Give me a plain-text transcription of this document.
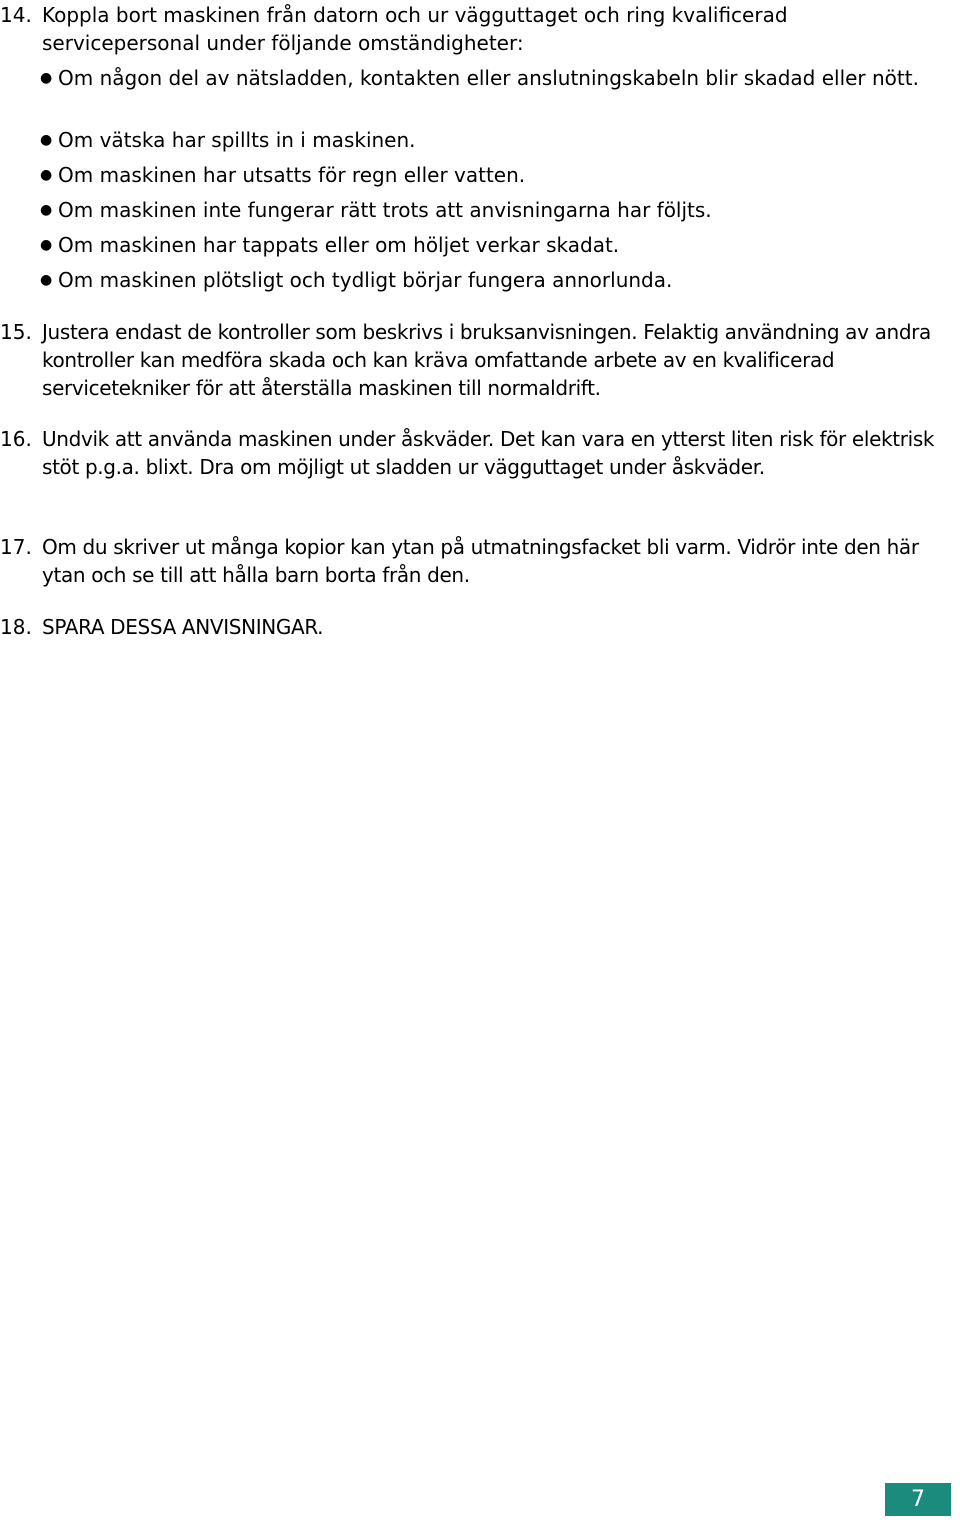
14. Koppla bort maskinen från datorn och ur vägguttaget och ring kvalificerad servicepersonal under följande omständigheter:
● Om någon del av nätsladden, kontakten eller anslutningskabeln blir skadad eller nött.
● Om vätska har spillts in i maskinen.
● Om maskinen har utsatts för regn eller vatten.
● Om maskinen inte fungerar rätt trots att anvisningarna har följts.
● Om maskinen har tappats eller om höljet verkar skadat.
● Om maskinen plötsligt och tydligt börjar fungera annorlunda.
15. Justera endast de kontroller som beskrivs i bruksanvisningen. Felaktig användning av andra kontroller kan medföra skada och kan kräva omfattande arbete av en kvalificerad servicetekniker för att återställa maskinen till normaldrift.
16. Undvik att använda maskinen under åskväder. Det kan vara en ytterst liten risk för elektrisk stöt p.g.a. blixt. Dra om möjligt ut sladden ur vägguttaget under åskväder.
17. Om du skriver ut många kopior kan ytan på utmatningsfacket bli varm. Vidrör inte den här ytan och se till att hålla barn borta från den.
18. SPARA DESSA ANVISNINGAR.
7
